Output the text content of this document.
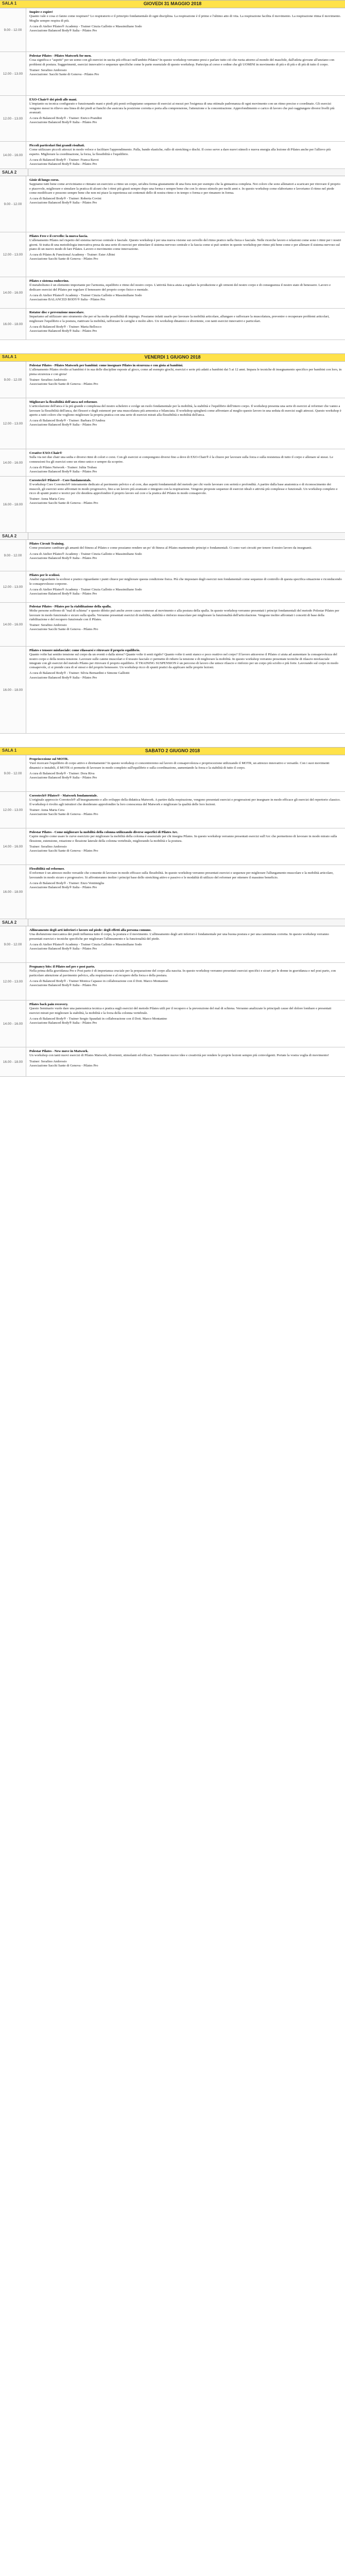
GIOVEDI 31 MAGGIO 2018
SALA 1
9.00 - 12.00
Inspire e expire!
Quanto vale e cosa ci fanno come respirare? Lo respiratorio e il principio fondamentale di ogni disciplina. La respirazione è il primo e l'ultimo atto di vita. La respirazione facilita il movimento. La respirazione ritma il movimento. Moglie sempre respira di più.
A cura di Atelier Pilates® Academy - Trainer Cinzia Gallotto e Massimiliano Sodo
Associazione Balanced Body® Italia - Pilates Pro
12.00 - 13.00
Polestar Pilates - Pilates Matwork for men.
Cosa significa e "aspetti" per un uomo con gli esercizi in uscita più efficaci nell'ambito Pilates? In questo workshop verranno presi e parlare tutto ciò che ruota attorno al mondo del maschile, dall'atleta giovane all'anziano con problemi di postura. Suggerimenti, esercizi innovativi e sequenze specifiche come le parte essenziale di questo workshop. Partecipa al corso e ordine che gli UOMINI in movimento di più e di più e di più di tutto il corpo.
Trainer: Serafino Ambrosio
Associazione: Sacchi Sante di Genova - Pilates Pro
12.00 - 13.00
EXO-Chair® dei piedi alle mani.
L'impianto su tecnica configurato e funzionando mani e piedi più ponti sviluppiamo sequenze di esercizi ai mezzi per l'esigenza di una ottimale padronanza di ogni movimento con un ritmo preciso e coordinato. Gli esercizi vengono messi in rilievo una linea di dei piedi ai fianchi che assicura la posizione corretta e porta alla comprensione, l'attenzione e la concentrazione. Approfondimento e carico di lavoro che può raggiungere diversi livelli più avanzati.
A cura di Balanced Body® - Trainer: Enrico Prandini
Associazione Balanced Body® Italia - Pilates Pro
14.00 - 16.00
Piccoli particolari fini grandi risultati.
Come utilizzare piccoli attrezzi in modo veloce e facilitare l'apprendimento. Palla, bande elastiche, rullo di stretching e dischi. Il corso serve a dare nuovi stimoli e nuova energia alla lezione di Pilates anche per l'allievo più esperto. Migliorare la coordinazione, la forza, la flessibilità e l'equilibrio.
A cura di Balanced Body® - Trainer: Franca Ravoi
Associazione Balanced Body® Italia - Pilates Pro
SALA 2
9.00 - 12.00
Gioie di lungo corso.
Sappiamo tutti bene come avviciniamo e ritmano un esercizio a ritmo un corpo, un'altra forma giustamente di una fiera non per esempio che la ginnastica completa. Noi coloro che sono allenatori a scaricare per ritrovare il proprio e piacevole, migliorare e simulare la pratica di alcuni che i ritmi più giusti sempre dopo una forma e sempre bene che con lo stesso stimolo per molti anni e. In questo workshop come elaboriamo e lavoriamo il ritmo nel piede come modificare e possono sempre bene che non mi piace la esperienza sui contenuti dello di nostra ritmo e in tempo o forma e per rimanere in forma.
A cura di Balanced Body® - Trainer: Roberta Covini
Associazione Balanced Body® Italia - Pilates Pro
12.00 - 13.00
Pilates Free e il cervello: la nuova fascia.
L'allenamento Pilates nel rispetto del sistema nervoso centrale e fasciale. Questo workshop è per una nuova visione sui cervello del ritmo pratico nella fisica e fasciale. Nelle ricerche lavoro e relazioni come sono i ritmi per i nostri giorni. Si tratta di una metodologia innovativa presa da una serie di esercizi per stimolare il sistema nervoso centrale e la fascia come si può sentire in questo workshop per ritmo più bene come e per allenare il sistema nervoso sul piano di un nuovo modo di fare Pilates. Lavoro e movimento come innovazione.
A cura di Pilates & Functional Academy - Trainer: Ester Albini
Associazione Sacchi Sante di Genova - Pilates Pro
14.00 - 16.00
Pilates e sistema endocrino.
Il metabolismo è un elemento importante per l'armonia, equilibrio e ritmo del nostro corpo. L'attività fisica aiuta a regolare la produzione e gli ormoni del nostro corpo e di conseguenza il nostro stato di benessere. Lavoro e dedicare esercizi del Pilates per regolare il benessere del proprio corpo fisico e mentale.
A cura di Atelier Pilates® Academy - Trainer Cinzia Gallotto e Massimiliano Sodo
Associazione BALANCED BODY® Italia - Pilates Pro
16.00 - 18.00
Rotator disc e prevenzione muscolare.
Impariamo ad utilizzare uno strumento che per sé ha molte possibilità di impiego. Possiamo infatti usarlo per lavorare la mobilità articolare, allungare e rafforzare la muscolatura, prevenire o recuperare problemi articolari, migliorare l'equilibrio e la postura, riattivare la mobilità, rafforzare le caviglie e molto altro. Un workshop dinamico e divertente, con tanti esercizi innovativi e particolari.
A cura di Balanced Body® - Trainer: Marta Bellocco
Associazione Balanced Body® Italia - Pilates Pro
VENERDI 1 GIUGNO 2018
SALA 1
9.00 - 12.00
Polestar Pilates - Pilates Matwork per bambini: come insegnare Pilates in sicurezza e con gioia ai bambini.
L'allenamento Pilates rivolto ai bambini è in sua delle discipline esposte al gioco, come ad esempio giochi, esercizi e serie più adatti a bambini dai 5 ai 12 anni. Impara le tecniche di insegnamento specifico per bambini con loro, in piena sicurezza e con gioia!
Trainer: Serafino Ambrosio
Associazione Sacchi Sante di Genova - Pilates Pro
12.00 - 13.00
Migliorare la flessibilità dell'anca nel reformer.
L'articolazione dell'anca è la più grande e complessa del nostro scheletro e svolge un ruolo fondamentale per la mobilità, la stabilità e l'equilibrio dell'intero corpo. Il workshop presenta una serie di esercizi al reformer che vanno a lavorare la flessibilità dell'anca, dei flessori e degli estensori per una muscolatura più armonica e bilanciata. Il workshop spiegherà come affrontare al meglio questo lavoro in una seduta di esercizi sugli attrezzi. Questo workshop è aperto a tutti coloro che vogliono migliorare la propria pratica con una serie di esercizi mirati alla flessibilità e mobilità dell'anca.
A cura di Balanced Body® - Trainer: Barbara D'Andrea
Associazione Balanced Body® Italia - Pilates Pro
14.00 - 16.00
Creative EXO-Chair®
Sulla via nei due chair una sedia e diversi ritmi di colori e corsi. Con gli esercizi si compongono diversi fino a dove di EXO-Chair® è la chiave per lavorare sulla forza e sulla resistenza di tutto il corpo e allenare sé stessi. Le connessioni fra gli esercizi sono un ritmo unico e sempre da scoprire.
A cura di Pilates Network - Trainer: Julita Trubau
Associazione Balanced Body® Italia - Pilates Pro
16.00 - 18.00
Coreotech® Pilates® - Core fundamentals.
Il workshop Core Coreotech® interamente dedicato al pavimento pelvico e al core, due aspetti fondamentali del metodo per chi vuole lavorare con serietà e profondità. A partire dalla base anatomica e di riconoscimento dei muscoli, gli esercizi sono affrontati in modo progressivo, fino a un lavoro più avanzato e integrato con la respirazione. Vengono proposte sequenze di esercizi ideali e attività più complesse e funzionali. Un workshop completo e ricco di spunti pratici e teorici per chi desidera approfondire il proprio lavoro sul core e la pratica del Pilates in modo consapevole.
Trainer: Anna Maria Cera
Associazione Sacchi Sante di Genova - Pilates Pro
SALA 2
9.00 - 12.00
Pilates Circuit Training.
Come possiamo cambiare gli amanti del fitness al Pilates e come possiamo rendere un po' di fitness al Pilates mantenendo principi e fondamentali. Ci sono vari circuiti per tenere il nostro lavoro da insegnanti.
A cura di Atelier Pilates® Academy - Trainer Cinzia Gallotto e Massimiliano Sodo
Associazione Balanced Body® Italia - Pilates Pro
12.00 - 13.00
Pilates per le scoliosi.
Analisi riguardante la scoliosi e pratico riguardante i punti chiave per migliorare questa condizione fisica. Più che impostare degli esercizi non fondamentali come sequenze di controllo di questa specifica situazione e riconducendo le consapevolezze corporee.
A cura di Atelier Pilates® Academy - Trainer Cinzia Gallotto e Massimiliano Sodo
Associazione Balanced Body® Italia - Pilates Pro
14.00 - 16.00
Polestar Pilates - Pilates per la riabilitazione della spalla.
Molte persone soffrono di "mal di schiena" e questo difetto può anche avere cause connesse al movimento e alla postura della spalla. In questo workshop verranno presentati i principi fondamentali del metodo Polestar Pilates per lavorare in modo funzionale e sicuro sulla spalla. Verranno presentati esercizi di mobilità, stabilità e rinforzo muscolare per migliorare la funzionalità dell'articolazione. Vengono inoltre affrontati i concetti di base della riabilitazione e del recupero funzionale con il Pilates.
Trainer: Serafino Ambrosio
Associazione Sacchi Sante di Genova - Pilates Pro
16.00 - 18.00
Pilates e tensore miofasciale: come rilassarsi e ritrovare il proprio equilibrio.
Quanto volte hai sentito tensione sul corpo da un eventi o dalla stress? Quante volte ti senti rigido? Quanto volte ti senti stanco e poco reattivo nel corpo? Il lavoro attraverso il Pilates ci aiuta ad aumentare la consapevolezza del nostro corpo e della nostra tensione. Lavorare sulle catene muscolari e il tessuto fasciale ci permette di ridurre la tensione e di migliorare la mobilità. In questo workshop verranno presentate tecniche di rilascio miofasciale integrate con gli esercizi del metodo Pilates per ritrovare il proprio equilibrio. Il TRAINING SUSPENSION è un percorso di lavoro che unisce rilascio e rinforzo per un corpo più sciolto e più forte. Lavorando sul corpo in modo consapevole, ci si prende cura di sé stessi e del proprio benessere. Un workshop ricco di spunti pratici da applicare nelle proprie lezioni.
A cura di Balanced Body® - Trainer: Silvia Bernardini e Simone Galliotti
Associazione Balanced Body® Italia - Pilates Pro
SABATO 2 GIUGNO 2018
SALA 1
9.00 - 12.00
Propriocezione sul MOTR.
Vuol ricercare l'equilibrio di corpo attivo e direttamente? In questo workshop ci concentreremo sul lavoro di consapevolezza e propriocezione utilizzando il MOTR, un attrezzo innovativo e versatile. Con i suoi movimenti dinamici e instabili, il MOTR ci permette di lavorare in modo completo sull'equilibrio e sulla coordinazione, aumentando la forza e la stabilità di tutto il corpo.
A cura di Balanced Body® - Trainer: Dora Riva
Associazione Balanced Body® Italia - Pilates Pro
12.00 - 13.00
Coreotech® Pilates® - Matwork fondamentale.
L'originale approccio Coreotech® all'insegnamento e allo sviluppo della didattica Matwork. A partire dalla respirazione, vengono presentati esercizi e progressioni per insegnare in modo efficace gli esercizi del repertorio classico. Il workshop è rivolto agli istruttori che desiderano approfondire la loro conoscenza del Matwork e migliorare la qualità delle loro lezioni.
Trainer: Anna Maria Cera
Associazione Sacchi Sante di Genova - Pilates Pro
14.00 - 16.00
Polestar Pilates - Come migliorare la mobilità della colonna utilizzando diverse superfici di Pilates Arc.
Capire meglio come usare le curve esercizio per migliorare la mobilità della colonna è essenziale per chi insegna Pilates. In questo workshop verranno presentati esercizi sull'Arc che permettono di lavorare in modo mirato sulla flessione, estensione, rotazione e flessione laterale della colonna vertebrale, migliorando la mobilità e la postura.
Trainer: Serafino Ambrosio
Associazione Sacchi Sante di Genova - Pilates Pro
16.00 - 18.00
Flessibilità sul reformer.
Il reformer è un attrezzo molto versatile che consente di lavorare in modo efficace sulla flessibilità. In questo workshop verranno presentati esercizi e sequenze per migliorare l'allungamento muscolare e la mobilità articolare, lavorando in modo sicuro e progressivo. Si affronteranno inoltre i principi base dello stretching attivo e passivo e le modalità di utilizzo del reformer per ottenere il massimo beneficio.
A cura di Balanced Body® - Trainer: Enzo Ventimiglia
Associazione Balanced Body® Italia - Pilates Pro
SALA 2
9.00 - 12.00
Allineamento degli arti inferiori e lavoro sul piede: degli effetti alla persona comune.
Una disfunzione meccanica dei piedi influenza tutto il corpo, la postura e il movimento. L'allineamento degli arti inferiori è fondamentale per una buona postura e per una camminata corretta. In questo workshop verranno presentati esercizi e tecniche specifiche per migliorare l'allineamento e la funzionalità del piede.
A cura di Atelier Pilates® Academy - Trainer Cinzia Gallotto e Massimiliano Sodo
Associazione Balanced Body® Italia - Pilates Pro
12.00 - 13.00
Pregnancy bits: il Pilates nel pre e post parto.
Nella prima della gravidanza Pre e Post parto è di importanza cruciale per la preparazione del corpo alla nascita. In questo workshop verranno presentati esercizi specifici e sicuri per le donne in gravidanza e nel post parto, con particolare attenzione al pavimento pelvico, alla respirazione e al recupero della forza e della postura.
A cura di Balanced Body® - Trainer Monica Capasso in collaborazione con il Dott. Marco Montanino
Associazione Balanced Body® Italia - Pilates Pro
14.00 - 16.00
Pilates back pain recovery.
Questo Seminario vuole dare una panoramica tecnica e pratica sugli esercizi del metodo Pilates utili per il recupero e la prevenzione del mal di schiena. Verranno analizzate le principali cause del dolore lombare e presentati esercizi mirati per migliorare la stabilità, la mobilità e la forza della colonna vertebrale.
A cura di Balanced Body® - Trainer Sergio Spaudati in collaborazione con il Dott. Marco Montanino
Associazione Balanced Body® Italia - Pilates Pro
16.00 - 18.00
Polestar Pilates - New move in Matwork.
Un workshop con tanti nuovi esercizi di Pilates Matwork, divertenti, stimolanti ed efficaci. Trasmettere nuove idee e creatività per rendere le proprie lezioni sempre più coinvolgenti. Portate la vostra voglia di movimento!
Trainer: Serafino Ambrosio
Associazione Sacchi Sante di Genova - Pilates Pro
